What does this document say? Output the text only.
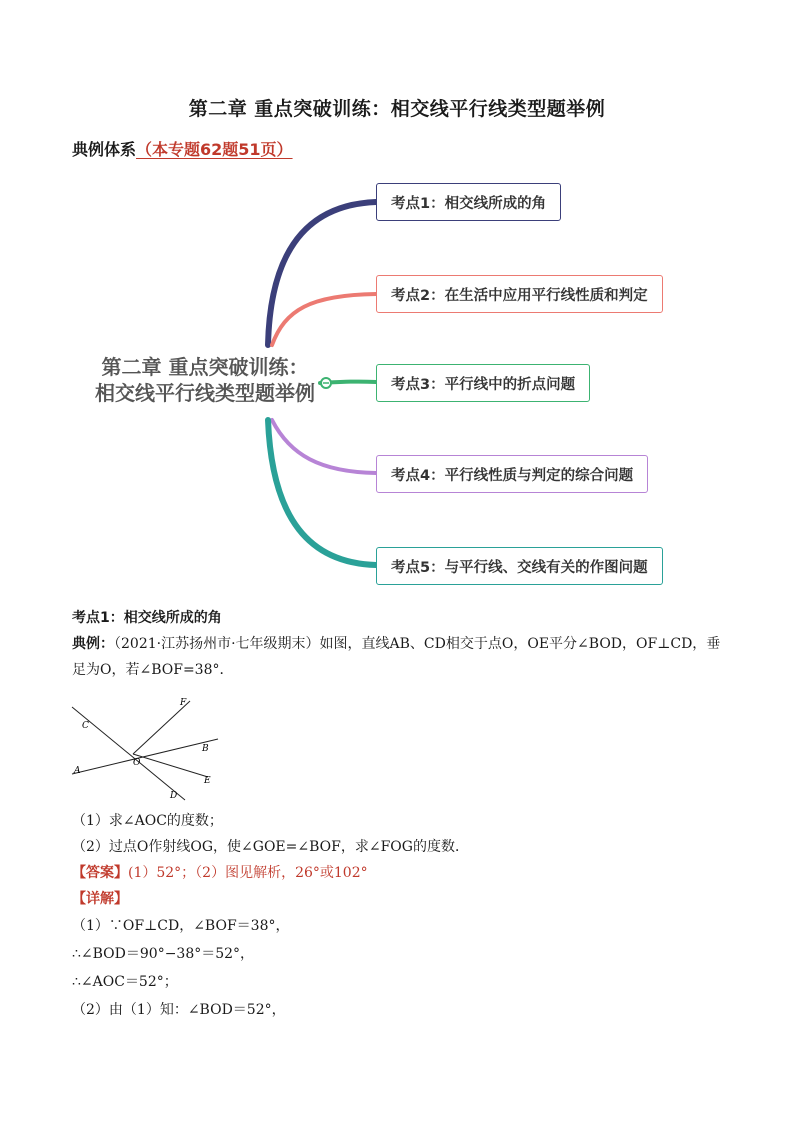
第二章 重点突破训练：相交线平行线类型题举例
典例体系（本专题62题51页）
第二章 重点突破训练：
相交线平行线类型题举例
考点1：相交线所成的角
考点2：在生活中应用平行线性质和判定
考点3：平行线中的折点问题
考点4：平行线性质与判定的综合问题
考点5：与平行线、交线有关的作图问题
考点1：相交线所成的角
典例：（2021·江苏扬州市·七年级期末）如图，直线AB、CD相交于点O，OE平分∠BOD，OF⊥CD，垂
足为O，若∠BOF=38°．
C
F
B
A
O
E
D
（1）求∠AOC的度数；
（2）过点O作射线OG，使∠GOE=∠BOF，求∠FOG的度数．
【答案】(1）52°；（2）图见解析，26°或102°
【详解】
（1）∵OF⊥CD，∠BOF＝38°，
∴∠BOD＝90°−38°＝52°，
∴∠AOC＝52°；
（2）由（1）知：∠BOD＝52°，
